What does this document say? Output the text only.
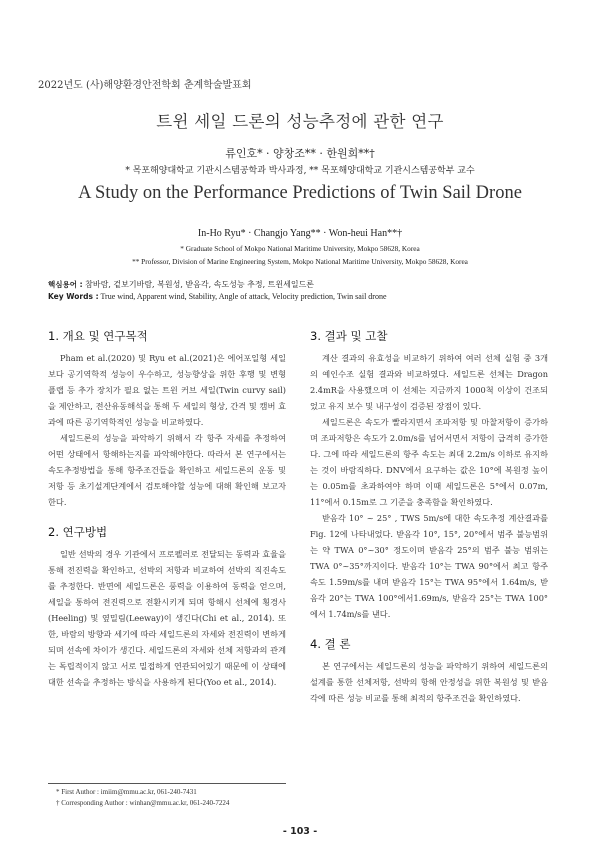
2022년도 (사)해양환경안전학회 춘계학술발표회
트윈 세일 드론의 성능추정에 관한 연구
류인호* · 양창조** · 한원희**†
* 목포해양대학교 기관시스템공학과 박사과정, ** 목포해양대학교 기관시스템공학부 교수
A Study on the Performance Predictions of Twin Sail Drone
In-Ho Ryu* · Changjo Yang** · Won-heui Han**†
* Graduate School of Mokpo National Maritime University, Mokpo 58628, Korea
** Professor, Division of Marine Engineering System, Mokpo National Maritime University, Mokpo 58628, Korea
핵심용어 : 참바람, 겉보기바람, 복원성, 받음각, 속도성능 추정, 트윈세일드론
Key Words : True wind, Apparent wind, Stability, Angle of attack, Velocity prediction, Twin sail drone
1. 개요 및 연구목적

Pham et al.(2020) 및 Ryu et al.(2021)은 에어포일형 세일보다 공기역학적 성능이 우수하고, 성능향상을 위한 후행 및 변형 플랩 등 추가 장치가 필요 없는 트윈 커브 세일(Twin curvy sail)을 제안하고, 전산유동해석을 통해 두 세일의 형상, 간격 및 캠버 효과에 따른 공기역학적인 성능을 비교하였다.

세일드론의 성능을 파악하기 위해서 각 항주 자세를 추정하여 어떤 상태에서 항해하는지를 파악해야한다. 따라서 본 연구에서는 속도추정방법을 통해 항주조건들을 확인하고 세일드론의 운동 및 저항 등 초기설계단계에서 검토해야할 성능에 대해 확인해 보고자한다.

2. 연구방법

일반 선박의 경우 기관에서 프로펠러로 전달되는 동력과 효율을 통해 전진력을 확인하고, 선박의 저항과 비교하여 선박의 직진속도를 추정한다. 반면에 세일드론은 풍력을 이용하여 동력을 얻으며, 세일을 통하여 전진력으로 전환시키게 되며 항해시 선체에 횡경사(Heeling) 및 옆밀림(Leeway)이 생긴다(Chi et al., 2014). 또한, 바람의 방향과 세기에 따라 세일드론의 자세와 전진력이 변하게 되며 선속에 차이가 생긴다. 세일드론의 자세와 선체 저항과의 관계는 독립적이지 않고 서로 밀접하게 연관되어있기 때문에 이 상태에 대한 선속을 추정하는 방식을 사용하게 된다(Yoo et al., 2014).

3. 결과 및 고찰

계산 결과의 유효성을 비교하기 위하여 여러 선체 실험 중 3개의 예인수조 실험 결과와 비교하였다. 세일드론 선체는 Dragon 2.4mR을 사용했으며 이 선체는 지금까지 1000척 이상이 건조되었고 유지 보수 및 내구성이 검증된 장점이 있다.

세일드론은 속도가 빨라지면서 조파저항 및 마찰저항이 증가하며 조파저항은 속도가 2.0m/s를 넘어서면서 저항이 급격히 증가한다. 그에 따라 세일드론의 항주 속도는 최대 2.2m/s 이하로 유지하는 것이 바람직하다. DNV에서 요구하는 값은 10°에 복원정 높이는 0.05m를 초과하여야 하며 이때 세일드론은 5°에서 0.07m, 11°에서 0.15m로 그 기준을 충족함을 확인하였다.

받음각 10° ~ 25° , TWS 5m/s에 대한 속도추정 계산결과를 Fig. 12에 나타내었다. 받음각 10°, 15°, 20°에서 범주 불능범위는 약 TWA 0°~30° 정도이며 받음각 25°의 범주 불능 범위는 TWA 0°~35°까지이다. 받음각 10°는 TWA 90°에서 최고 항주 속도 1.59m/s를 내며 받음각 15°는 TWA 95°에서 1.64m/s, 받음각 20°는 TWA 100°에서1.69m/s, 받음각 25°는 TWA 100°에서 1.74m/s를 낸다.

4. 결 론

본 연구에서는 세일드론의 성능을 파악하기 위하여 세일드론의 설계를 통한 선체저항, 선박의 항해 안정성을 위한 복원성 및 받음각에 따른 성능 비교를 통해 최적의 항주조건을 확인하였다.

* First Author : imiim@mmu.ac.kr, 061-240-7431
† Corresponding Author : winhan@mmu.ac.kr, 061-240-7224
- 103 -
